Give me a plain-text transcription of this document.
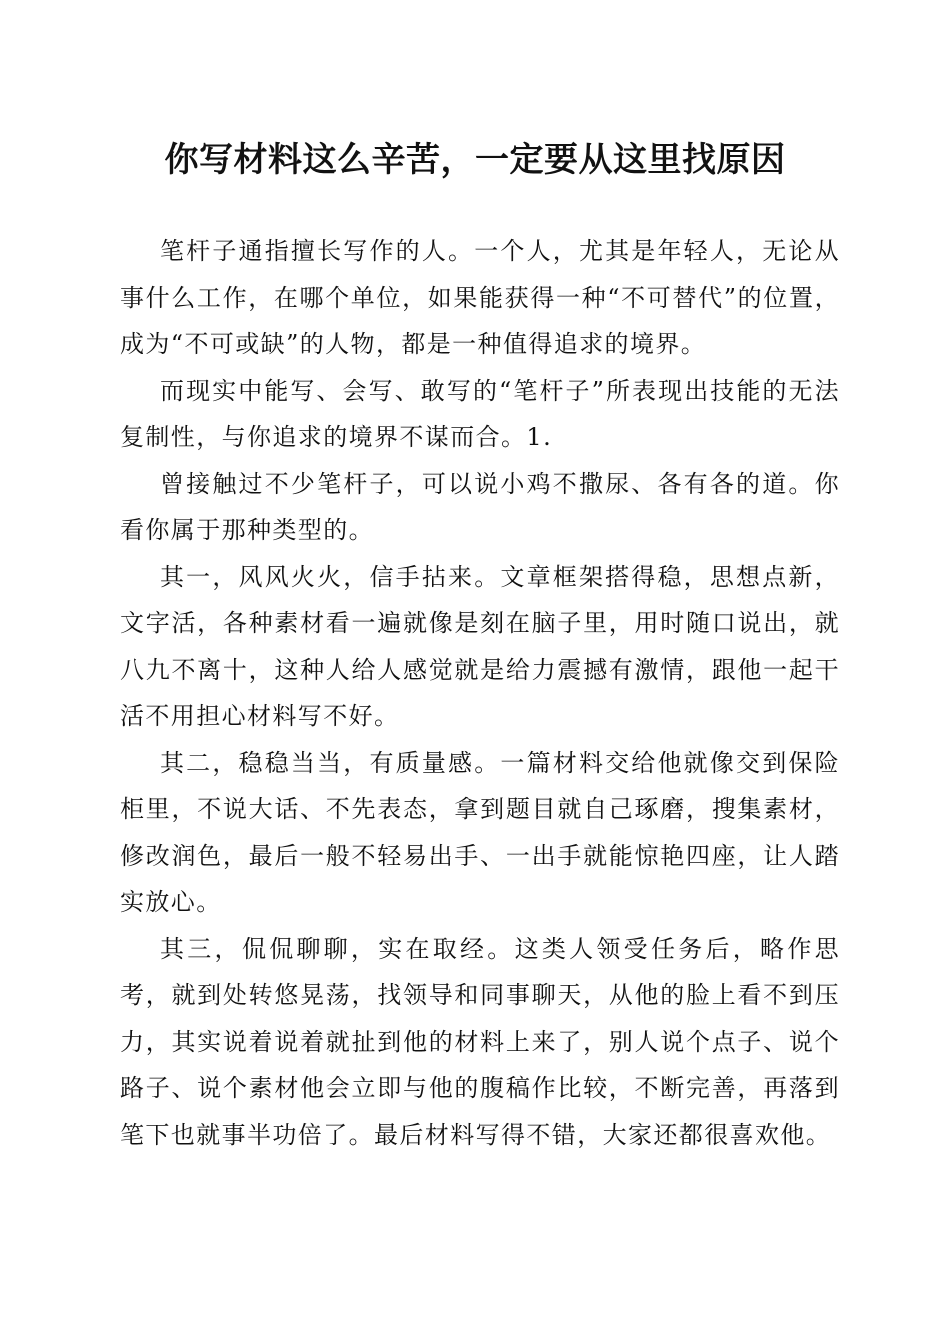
你写材料这么辛苦，一定要从这里找原因

笔杆子通指擅长写作的人。一个人，尤其是年轻人，无论从事什么工作，在哪个单位，如果能获得一种“不可替代”的位置，成为“不可或缺”的人物，都是一种值得追求的境界。

而现实中能写、会写、敢写的“笔杆子”所表现出技能的无法复制性，与你追求的境界不谋而合。1.

曾接触过不少笔杆子，可以说小鸡不撒尿、各有各的道。你看你属于那种类型的。

其一，风风火火，信手拈来。文章框架搭得稳，思想点新，文字活，各种素材看一遍就像是刻在脑子里，用时随口说出，就八九不离十，这种人给人感觉就是给力震撼有激情，跟他一起干活不用担心材料写不好。

其二，稳稳当当，有质量感。一篇材料交给他就像交到保险柜里，不说大话、不先表态，拿到题目就自己琢磨，搜集素材，修改润色，最后一般不轻易出手、一出手就能惊艳四座，让人踏实放心。

其三，侃侃聊聊，实在取经。这类人领受任务后，略作思考，就到处转悠晃荡，找领导和同事聊天，从他的脸上看不到压力，其实说着说着就扯到他的材料上来了，别人说个点子、说个路子、说个素材他会立即与他的腹稿作比较，不断完善，再落到笔下也就事半功倍了。最后材料写得不错，大家还都很喜欢他。
